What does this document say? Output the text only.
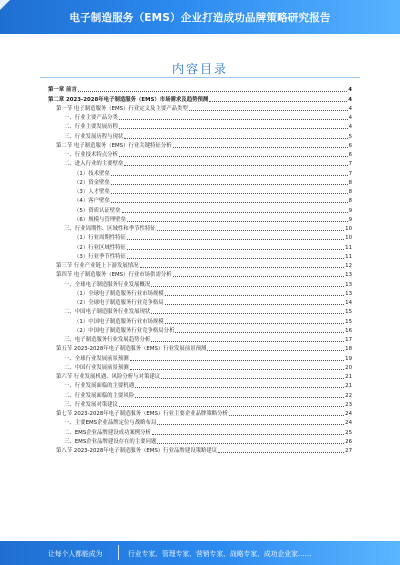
电子制造服务（EMS）企业打造成功品牌策略研究报告
内容目录
第一章 前言	4
第二章 2023-2028年电子制造服务（EMS）市场需求及趋势预测	4
第一节 电子制造服务（EMS）行业定义及主要产品类型	4
一、行业主要产品分类	4
二、行业主要发展历程	4
三、行业发展历程与现状	5
第二节 电子制造服务（EMS）行业关键特征分析	6
一、行业技术特点分析	6
二、进入行业的主要壁垒	7
（1）技术壁垒	7
（2）资金壁垒	8
（3）人才壁垒	8
（4）客户壁垒	8
（5）资质认证壁垒	9
（6）规模与管理壁垒	9
三、行业周期性、区域性和季节性特征	10
（1）行业周期性特征	10
（2）行业区域性特征	11
（3）行业季节性特征	11
第三节 行业产业链上下游发展情况	12
第四节 电子制造服务（EMS）行业市场供需分析	13
一、全球电子制造服务行业发展概况	13
（1）全球电子制造服务行业市场规模	13
（2）全球电子制造服务行业竞争格局	14
二、中国电子制造服务行业发展现状	15
（1）中国电子制造服务行业市场规模	15
（2）中国电子制造服务行业竞争格局分析	16
三、电子制造服务行业发展趋势分析	17
第五节 2023-2028年电子制造服务（EMS）行业发展前景预测	18
一、全球行业发展前景预测	19
二、中国行业发展前景预测	20
第六节 行业发展机遇、风险分析与对策建议	21
一、行业发展面临的主要机遇	21
二、行业发展面临的主要风险	22
三、行业发展对策建议	23
第七节 2023-2028年电子制造服务（EMS）行业主要企业品牌策略分析	24
一、主要EMS企业品牌定位与战略布局	24
二、EMS企业品牌建设成功案例分析	25
三、EMS企业品牌建设存在的主要问题	26
第八节 2023-2028年电子制造服务（EMS）行业品牌建设策略建议	27
让每个人都能成为	行业专家、管理专家、营销专家、战略专家、成功企业家……
